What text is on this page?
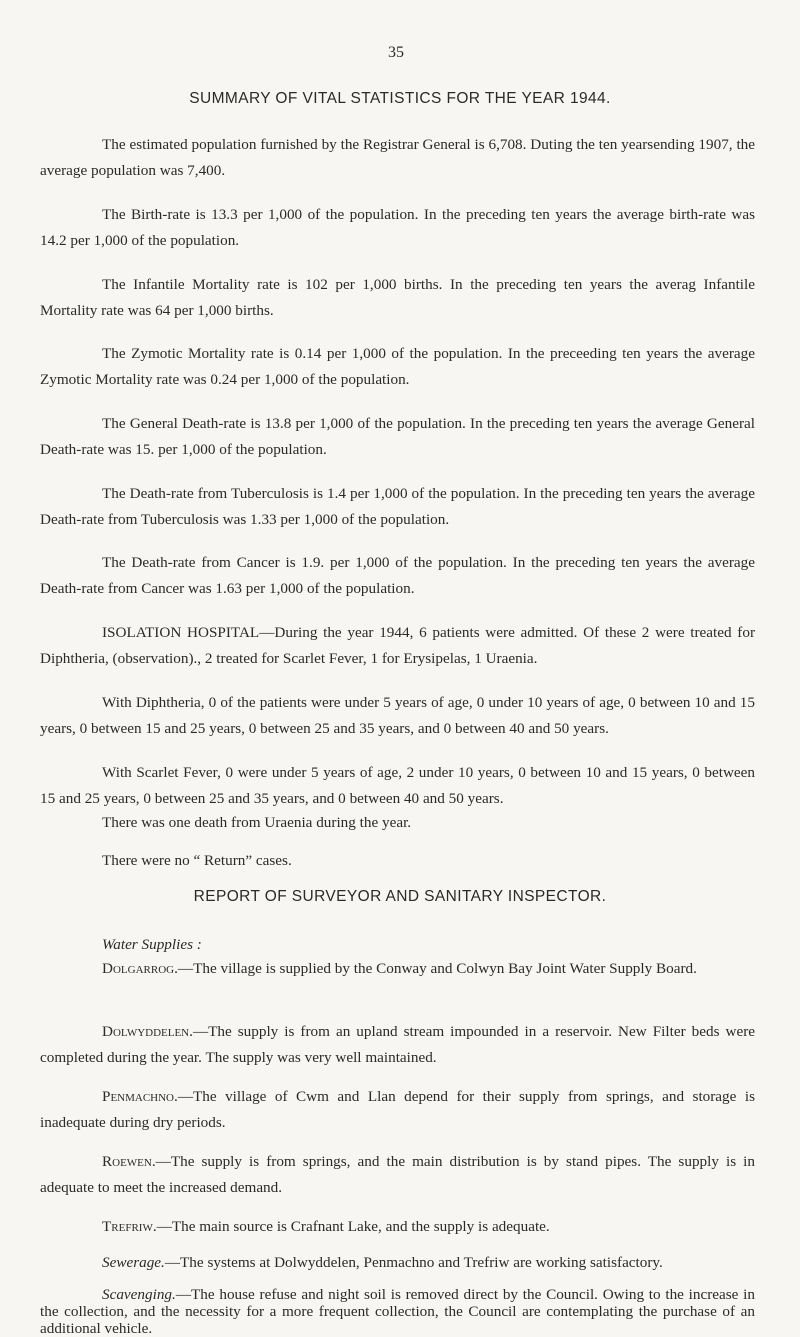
35
SUMMARY OF VITAL STATISTICS FOR THE YEAR 1944.
The estimated population furnished by the Registrar General is 6,708. Duting the ten yearsending 1907, the average population was 7,400.
The Birth-rate is 13.3 per 1,000 of the population. In the preceding ten years the average birth-rate was 14.2 per 1,000 of the population.
The Infantile Mortality rate is 102 per 1,000 births. In the preceding ten years the averag Infantile Mortality rate was 64 per 1,000 births.
The Zymotic Mortality rate is 0.14 per 1,000 of the population. In the preceeding ten years the average Zymotic Mortality rate was 0.24 per 1,000 of the population.
The General Death-rate is 13.8 per 1,000 of the population. In the preceding ten years the average General Death-rate was 15. per 1,000 of the population.
The Death-rate from Tuberculosis is 1.4 per 1,000 of the population. In the preceding ten years the average Death-rate from Tuberculosis was 1.33 per 1,000 of the population.
The Death-rate from Cancer is 1.9. per 1,000 of the population. In the preceding ten years the average Death-rate from Cancer was 1.63 per 1,000 of the population.
ISOLATION HOSPITAL—During the year 1944, 6 patients were admitted. Of these 2 were treated for Diphtheria, (observation)., 2 treated for Scarlet Fever, 1 for Erysipelas, 1 Uraenia.
With Diphtheria, 0 of the patients were under 5 years of age, 0 under 10 years of age, 0 between 10 and 15 years, 0 between 15 and 25 years, 0 between 25 and 35 years, and 0 between 40 and 50 years.
With Scarlet Fever, 0 were under 5 years of age, 2 under 10 years, 0 between 10 and 15 years, 0 between 15 and 25 years, 0 between 25 and 35 years, and 0 between 40 and 50 years.
There was one death from Uraenia during the year.
There were no “ Return” cases.
REPORT OF SURVEYOR AND SANITARY INSPECTOR.
Water Supplies :
Dolgarrog.—The village is supplied by the Conway and Colwyn Bay Joint Water Supply Board.
Dolwyddelen.—The supply is from an upland stream impounded in a reservoir. New Filter beds were completed during the year. The supply was very well maintained.
Penmachno.—The village of Cwm and Llan depend for their supply from springs, and storage is inadequate during dry periods.
Roewen.—The supply is from springs, and the main distribution is by stand pipes. The supply is in adequate to meet the increased demand.
Trefriw.—The main source is Crafnant Lake, and the supply is adequate.
Sewerage.—The systems at Dolwyddelen, Penmachno and Trefriw are working satisfactory.
Scavenging.—The house refuse and night soil is removed direct by the Council. Owing to the increase in the collection, and the necessity for a more frequent collection, the Council are contemplating the purchase of an additional vehicle.
